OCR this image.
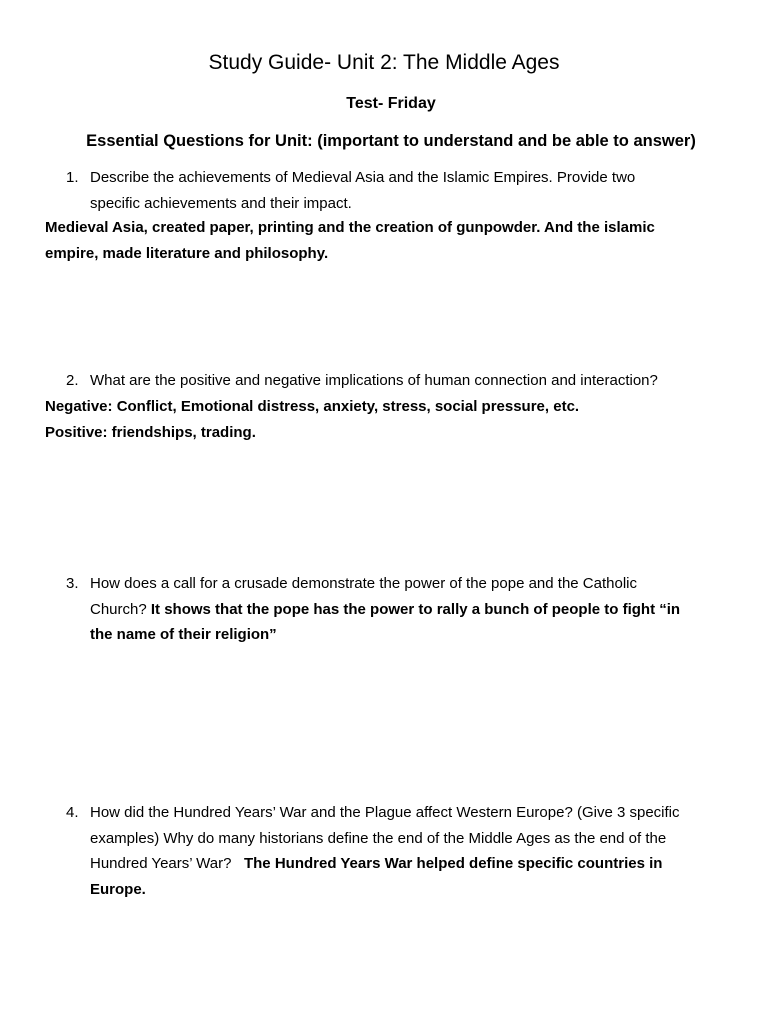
Study Guide- Unit 2: The Middle Ages
Test- Friday
Essential Questions for Unit: (important to understand and be able to answer)
1. Describe the achievements of Medieval Asia and the Islamic Empires. Provide two
specific achievements and their impact.
Medieval Asia, created paper, printing and the creation of gunpowder. And the islamic
empire, made literature and philosophy.
2. What are the positive and negative implications of human connection and interaction?
Negative: Conflict, Emotional distress, anxiety, stress, social pressure, etc.
Positive: friendships, trading.
3. How does a call for a crusade demonstrate the power of the pope and the Catholic
Church? It shows that the pope has the power to rally a bunch of people to fight “in
the name of their religion”
4. How did the Hundred Years’ War and the Plague affect Western Europe? (Give 3 specific
examples) Why do many historians define the end of the Middle Ages as the end of the
Hundred Years’ War? The Hundred Years War helped define specific countries in
Europe.
